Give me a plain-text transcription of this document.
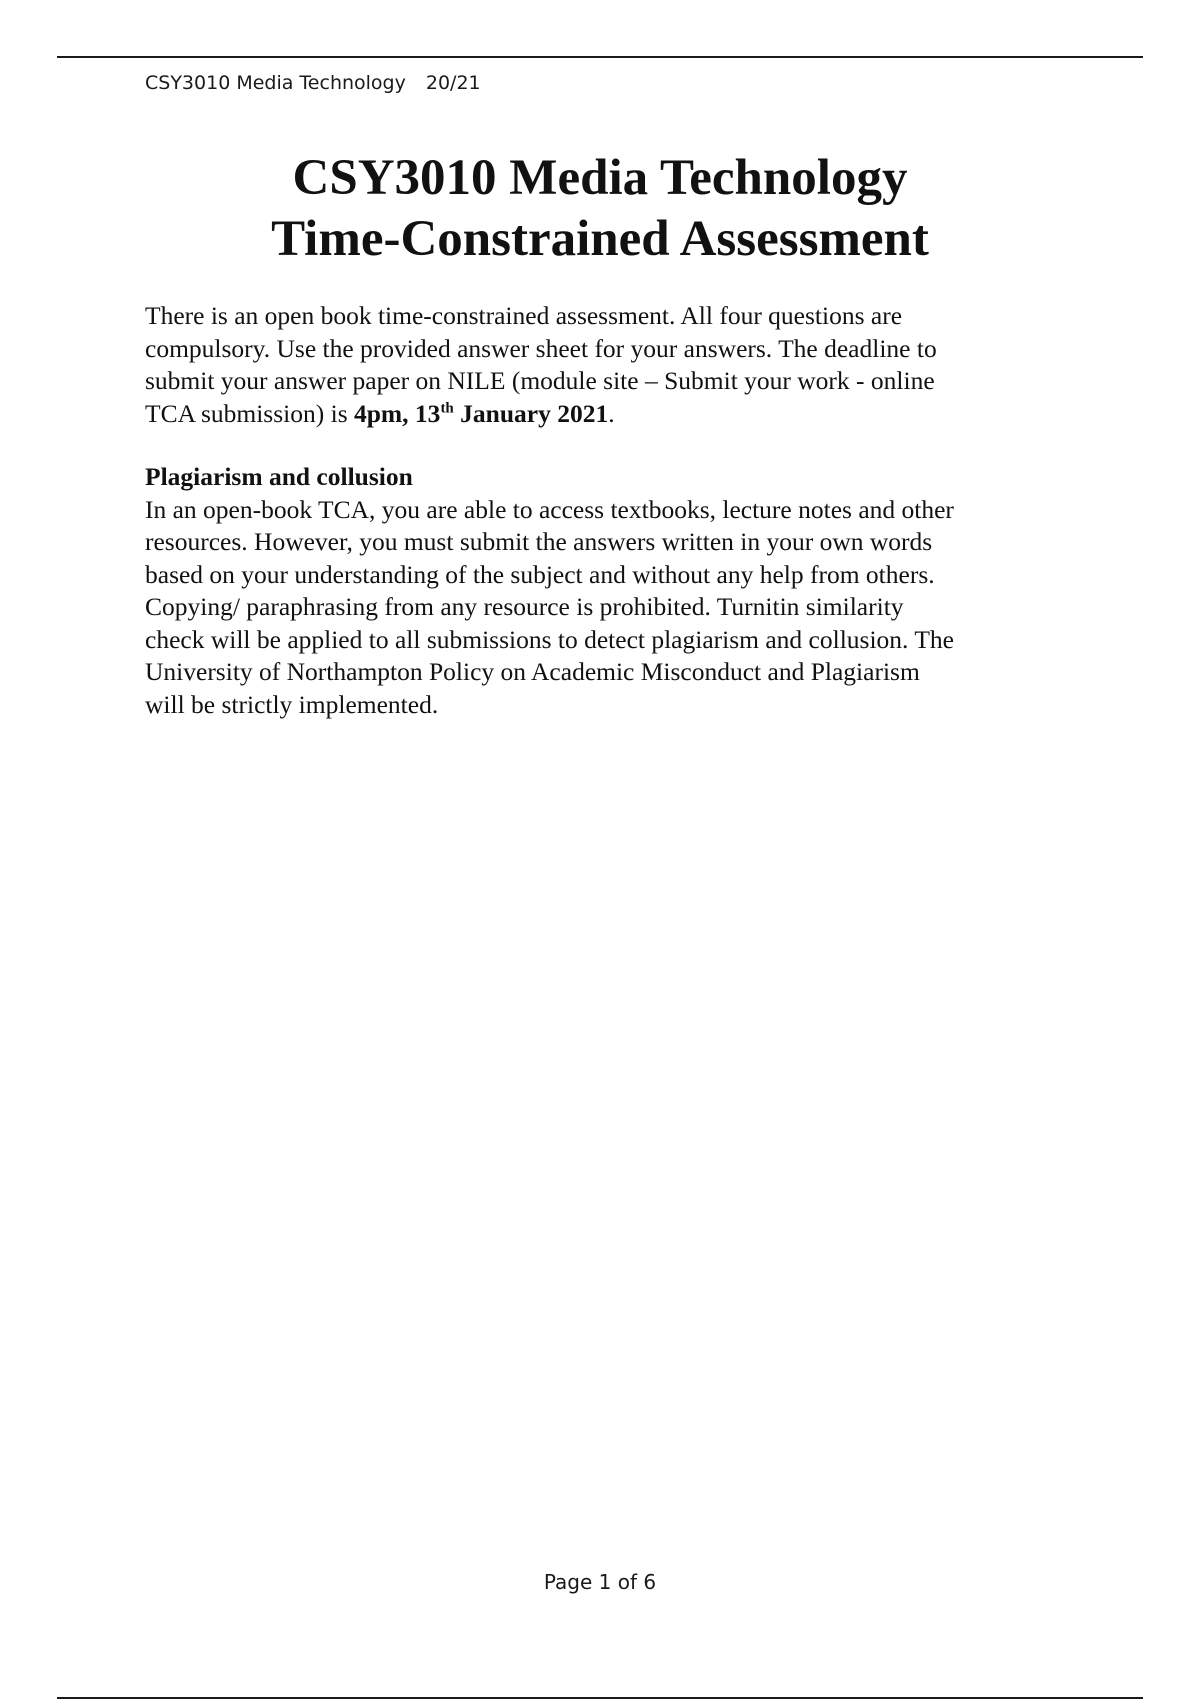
CSY3010 Media Technology 20/21
CSY3010 Media Technology
Time-Constrained Assessment
There is an open book time-constrained assessment. All four questions are
compulsory. Use the provided answer sheet for your answers. The deadline to
submit your answer paper on NILE (module site – Submit your work - online
TCA submission) is 4pm, 13th January 2021.
Plagiarism and collusion
In an open-book TCA, you are able to access textbooks, lecture notes and other
resources. However, you must submit the answers written in your own words
based on your understanding of the subject and without any help from others.
Copying/ paraphrasing from any resource is prohibited. Turnitin similarity
check will be applied to all submissions to detect plagiarism and collusion. The
University of Northampton Policy on Academic Misconduct and Plagiarism
will be strictly implemented.
Page 1 of 6
